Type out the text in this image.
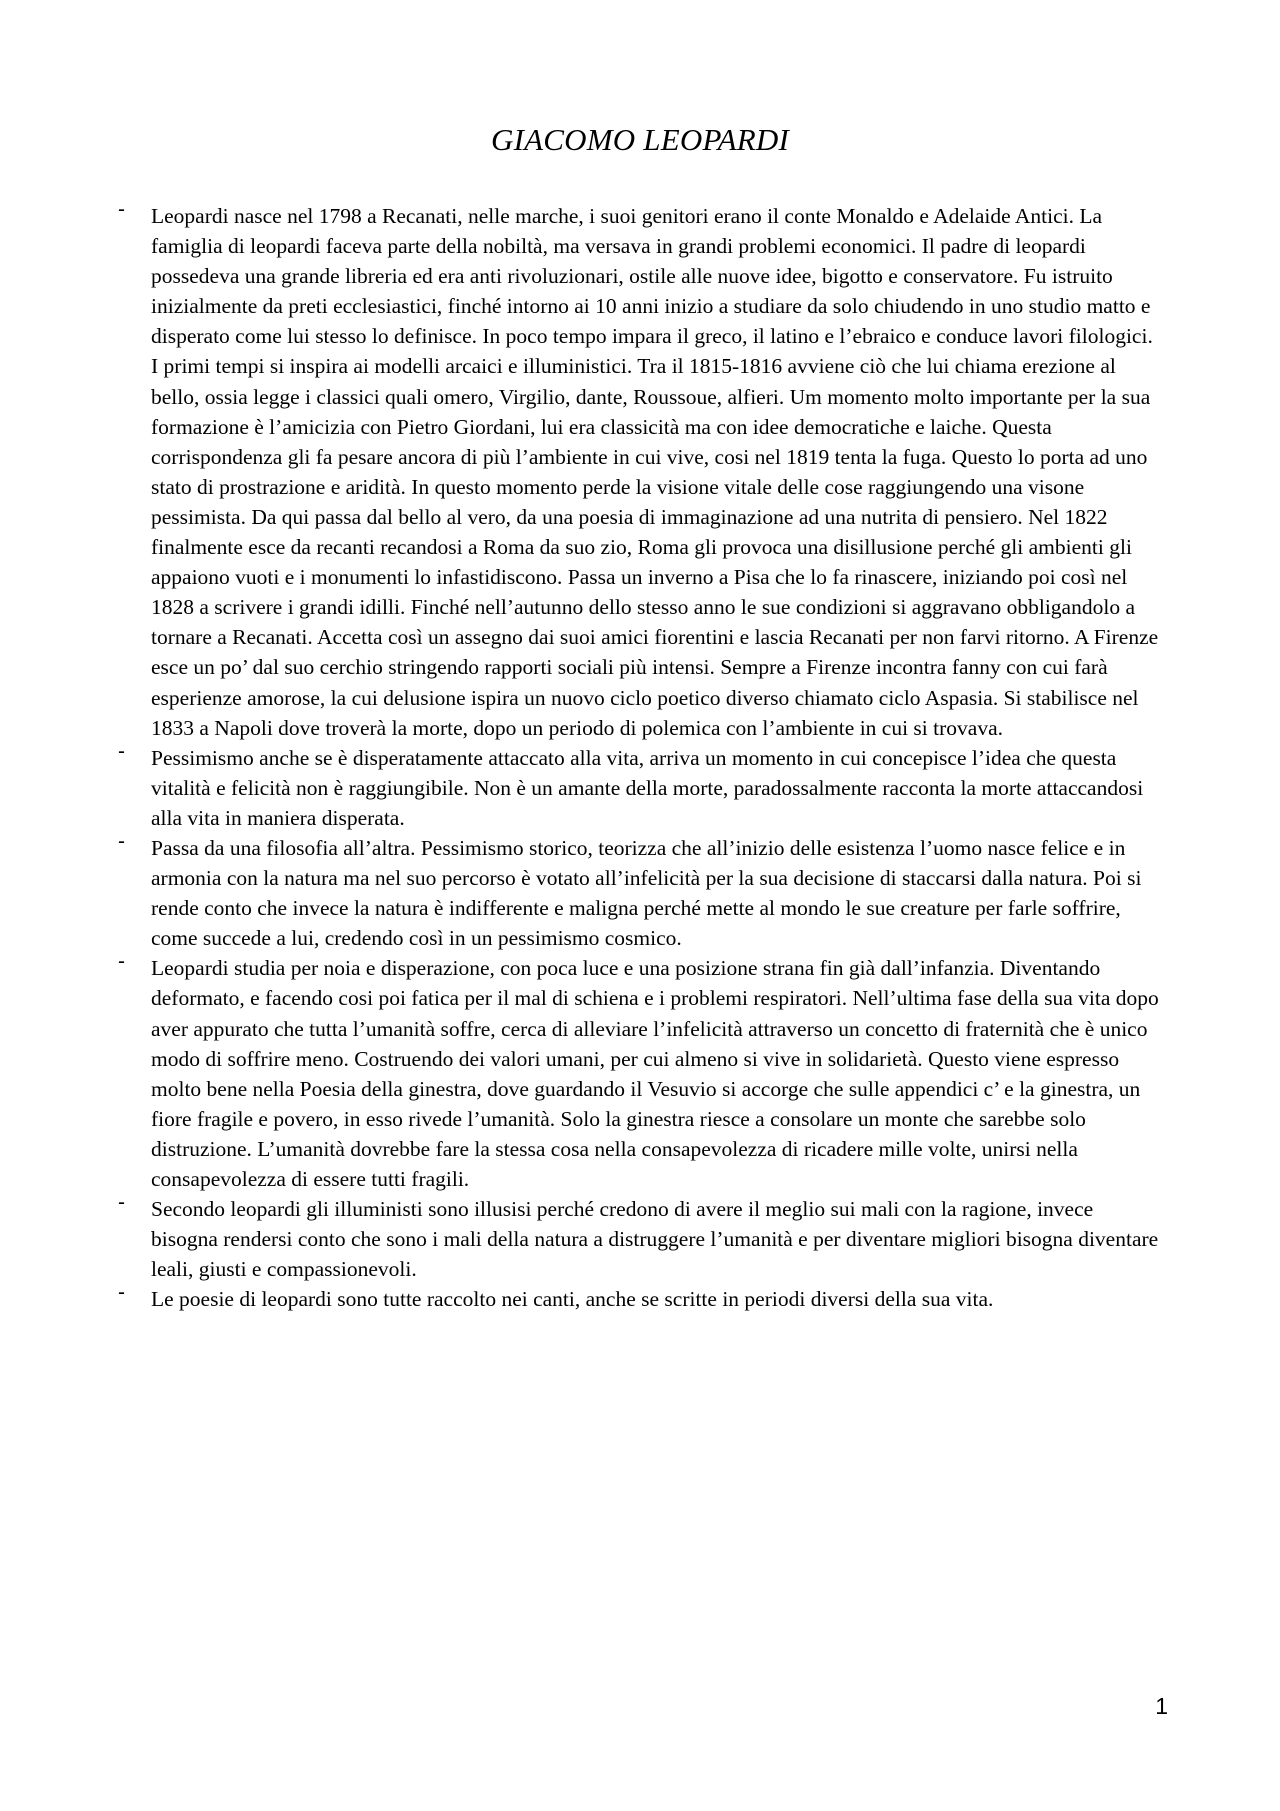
GIACOMO LEOPARDI
- Leopardi nasce nel 1798 a Recanati, nelle marche, i suoi genitori erano il conte Monaldo e Adelaide Antici. La famiglia di leopardi faceva parte della nobiltà, ma versava in grandi problemi economici. Il padre di leopardi possedeva una grande libreria ed era anti rivoluzionari, ostile alle nuove idee, bigotto e conservatore. Fu istruito inizialmente da preti ecclesiastici, finché intorno ai 10 anni inizio a studiare da solo chiudendo in uno studio matto e disperato come lui stesso lo definisce. In poco tempo impara il greco, il latino e l’ebraico e conduce lavori filologici. I primi tempi si inspira ai modelli arcaici e illuministici. Tra il 1815-1816 avviene ciò che lui chiama erezione al bello, ossia legge i classici quali omero, Virgilio, dante, Roussoue, alfieri. Um momento molto importante per la sua formazione è l’amicizia con Pietro Giordani, lui era classicità ma con idee democratiche e laiche. Questa corrispondenza gli fa pesare ancora di più l’ambiente in cui vive, cosi nel 1819 tenta la fuga. Questo lo porta ad uno stato di prostrazione e aridità. In questo momento perde la visione vitale delle cose raggiungendo una visone pessimista. Da qui passa dal bello al vero, da una poesia di immaginazione ad una nutrita di pensiero. Nel 1822 finalmente esce da recanti recandosi a Roma da suo zio, Roma gli provoca una disillusione perché gli ambienti gli appaiono vuoti e i monumenti lo infastidiscono. Passa un inverno a Pisa che lo fa rinascere, iniziando poi così nel 1828 a scrivere i grandi idilli. Finché nell’autunno dello stesso anno le sue condizioni si aggravano obbligandolo a tornare a Recanati. Accetta così un assegno dai suoi amici fiorentini e lascia Recanati per non farvi ritorno. A Firenze esce un po’ dal suo cerchio stringendo rapporti sociali più intensi. Sempre a Firenze incontra fanny con cui farà esperienze amorose, la cui delusione ispira un nuovo ciclo poetico diverso chiamato ciclo Aspasia. Si stabilisce nel 1833 a Napoli dove troverà la morte, dopo un periodo di polemica con l’ambiente in cui si trovava.
- Pessimismo anche se è disperatamente attaccato alla vita, arriva un momento in cui concepisce l’idea che questa vitalità e felicità non è raggiungibile. Non è un amante della morte, paradossalmente racconta la morte attaccandosi alla vita in maniera disperata.
- Passa da una filosofia all’altra. Pessimismo storico, teorizza che all’inizio delle esistenza l’uomo nasce felice e in armonia con la natura ma nel suo percorso è votato all’infelicità per la sua decisione di staccarsi dalla natura. Poi si rende conto che invece la natura è indifferente e maligna perché mette al mondo le sue creature per farle soffrire, come succede a lui, credendo così in un pessimismo cosmico.
- Leopardi studia per noia e disperazione, con poca luce e una posizione strana fin già dall’infanzia. Diventando deformato, e facendo cosi poi fatica per il mal di schiena e i problemi respiratori. Nell’ultima fase della sua vita dopo aver appurato che tutta l’umanità soffre, cerca di alleviare l’infelicità attraverso un concetto di fraternità che è unico modo di soffrire meno. Costruendo dei valori umani, per cui almeno si vive in solidarietà. Questo viene espresso molto bene nella Poesia della ginestra, dove guardando il Vesuvio si accorge che sulle appendici c’ e la ginestra, un fiore fragile e povero, in esso rivede l’umanità. Solo la ginestra riesce a consolare un monte che sarebbe solo distruzione. L’umanità dovrebbe fare la stessa cosa nella consapevolezza di ricadere mille volte, unirsi nella consapevolezza di essere tutti fragili.
- Secondo leopardi gli illuministi sono illusisi perché credono di avere il meglio sui mali con la ragione, invece bisogna rendersi conto che sono i mali della natura a distruggere l’umanità e per diventare migliori bisogna diventare leali, giusti e compassionevoli.
- Le poesie di leopardi sono tutte raccolto nei canti, anche se scritte in periodi diversi della sua vita.

1
